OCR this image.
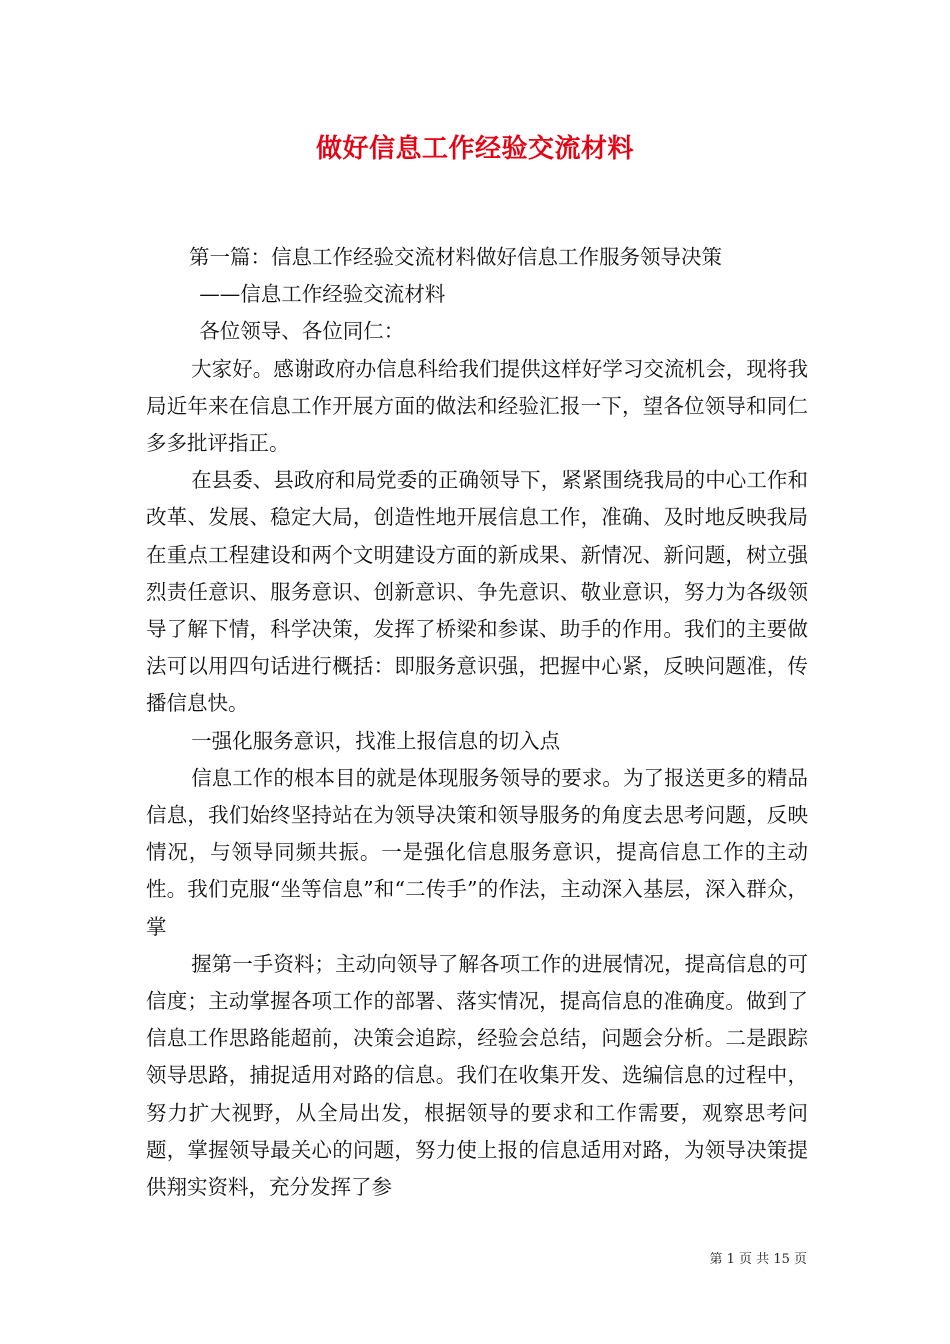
做好信息工作经验交流材料

第一篇：信息工作经验交流材料做好信息工作服务领导决策

——信息工作经验交流材料

各位领导、各位同仁：

大家好。感谢政府办信息科给我们提供这样好学习交流机会，现将我局近年来在信息工作开展方面的做法和经验汇报一下，望各位领导和同仁多多批评指正。

在县委、县政府和局党委的正确领导下，紧紧围绕我局的中心工作和改革、发展、稳定大局，创造性地开展信息工作，准确、及时地反映我局在重点工程建设和两个文明建设方面的新成果、新情况、新问题，树立强烈责任意识、服务意识、创新意识、争先意识、敬业意识，努力为各级领导了解下情，科学决策，发挥了桥梁和参谋、助手的作用。我们的主要做法可以用四句话进行概括：即服务意识强，把握中心紧，反映问题准，传播信息快。

一强化服务意识，找准上报信息的切入点

信息工作的根本目的就是体现服务领导的要求。为了报送更多的精品信息，我们始终坚持站在为领导决策和领导服务的角度去思考问题，反映情况，与领导同频共振。一是强化信息服务意识，提高信息工作的主动性。我们克服“坐等信息”和“二传手”的作法，主动深入基层，深入群众，掌

握第一手资料；主动向领导了解各项工作的进展情况，提高信息的可信度；主动掌握各项工作的部署、落实情况，提高信息的准确度。做到了信息工作思路能超前，决策会追踪，经验会总结，问题会分析。二是跟踪领导思路，捕捉适用对路的信息。我们在收集开发、选编信息的过程中，努力扩大视野，从全局出发，根据领导的要求和工作需要，观察思考问题，掌握领导最关心的问题，努力使上报的信息适用对路，为领导决策提供翔实资料，充分发挥了参

第 1 页 共 15 页
